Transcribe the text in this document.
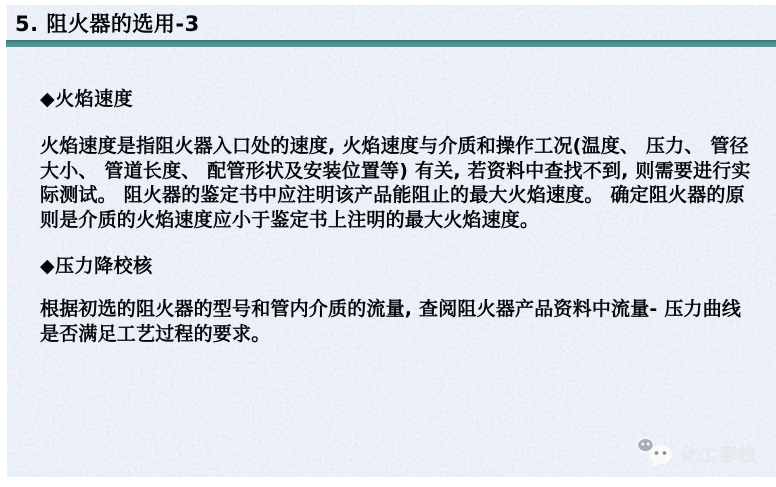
5. 阻火器的选用-3
◆火焰速度
火焰速度是指阻火器入口处的速度, 火焰速度与介质和操作工况(温度、 压力、 管径
大小、 管道长度、 配管形状及安装位置等) 有关, 若资料中查找不到, 则需要进行实
际测试。 阻火器的鉴定书中应注明该产品能阻止的最大火焰速度。 确定阻火器的原
则是介质的火焰速度应小于鉴定书上注明的最大火焰速度。
◆压力降校核
根据初选的阻火器的型号和管内介质的流量, 查阅阻火器产品资料中流量- 压力曲线
是否满足工艺过程的要求。
化工客栈
